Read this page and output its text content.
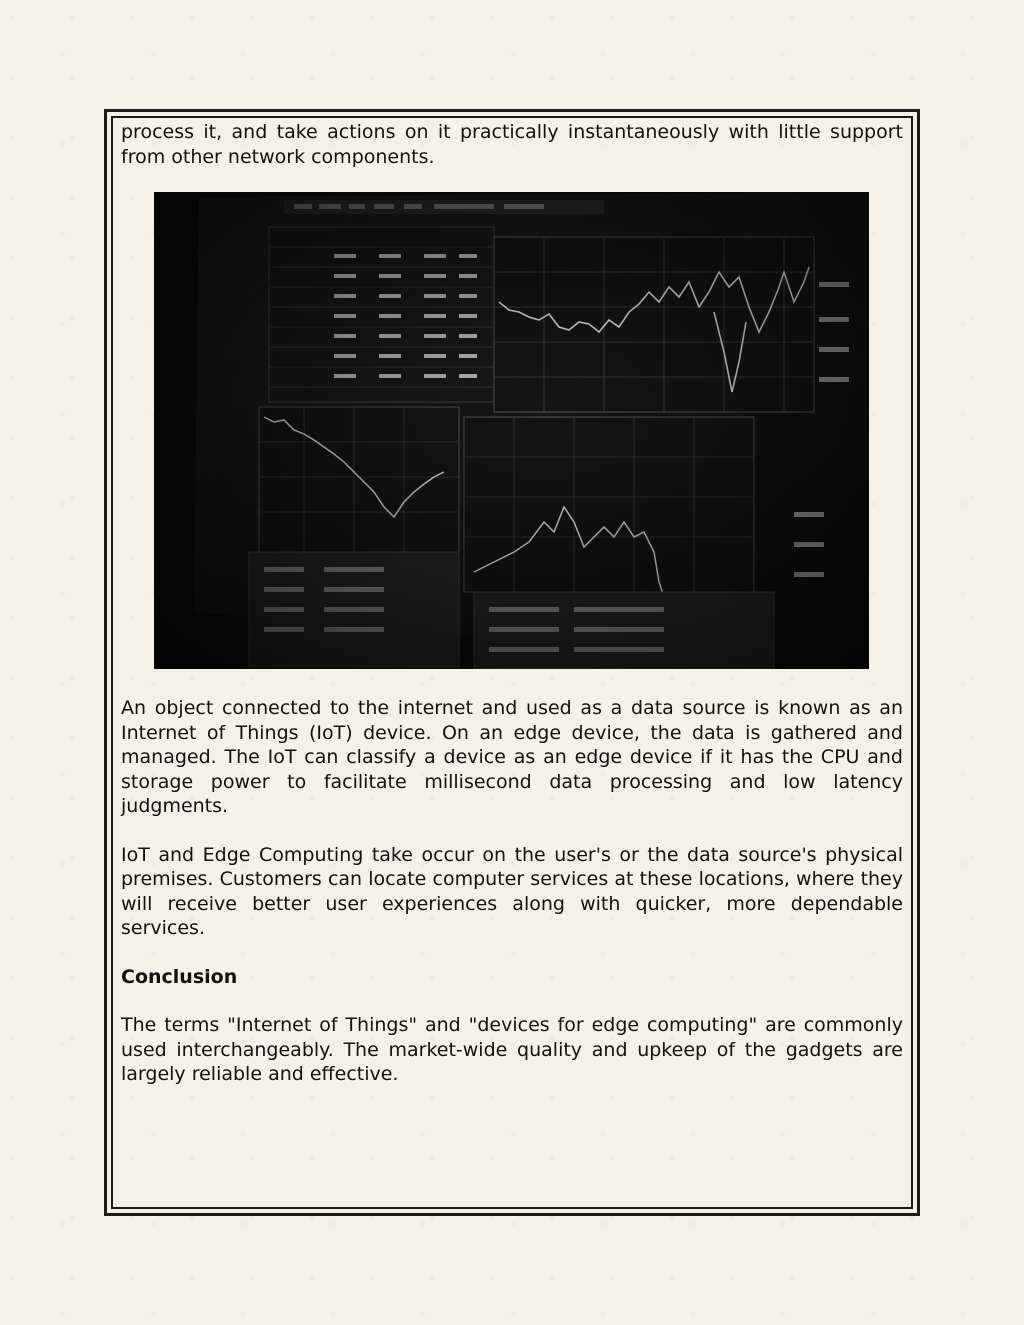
process it, and take actions on it practically instantaneously with little support from other network components.

An object connected to the internet and used as a data source is known as an Internet of Things (IoT) device. On an edge device, the data is gathered and managed. The IoT can classify a device as an edge device if it has the CPU and storage power to facilitate millisecond data processing and low latency judgments.

IoT and Edge Computing take occur on the user's or the data source's physical premises. Customers can locate computer services at these locations, where they will receive better user experiences along with quicker, more dependable services.

Conclusion

The terms "Internet of Things" and "devices for edge computing" are commonly used interchangeably. The market-wide quality and upkeep of the gadgets are largely reliable and effective.
